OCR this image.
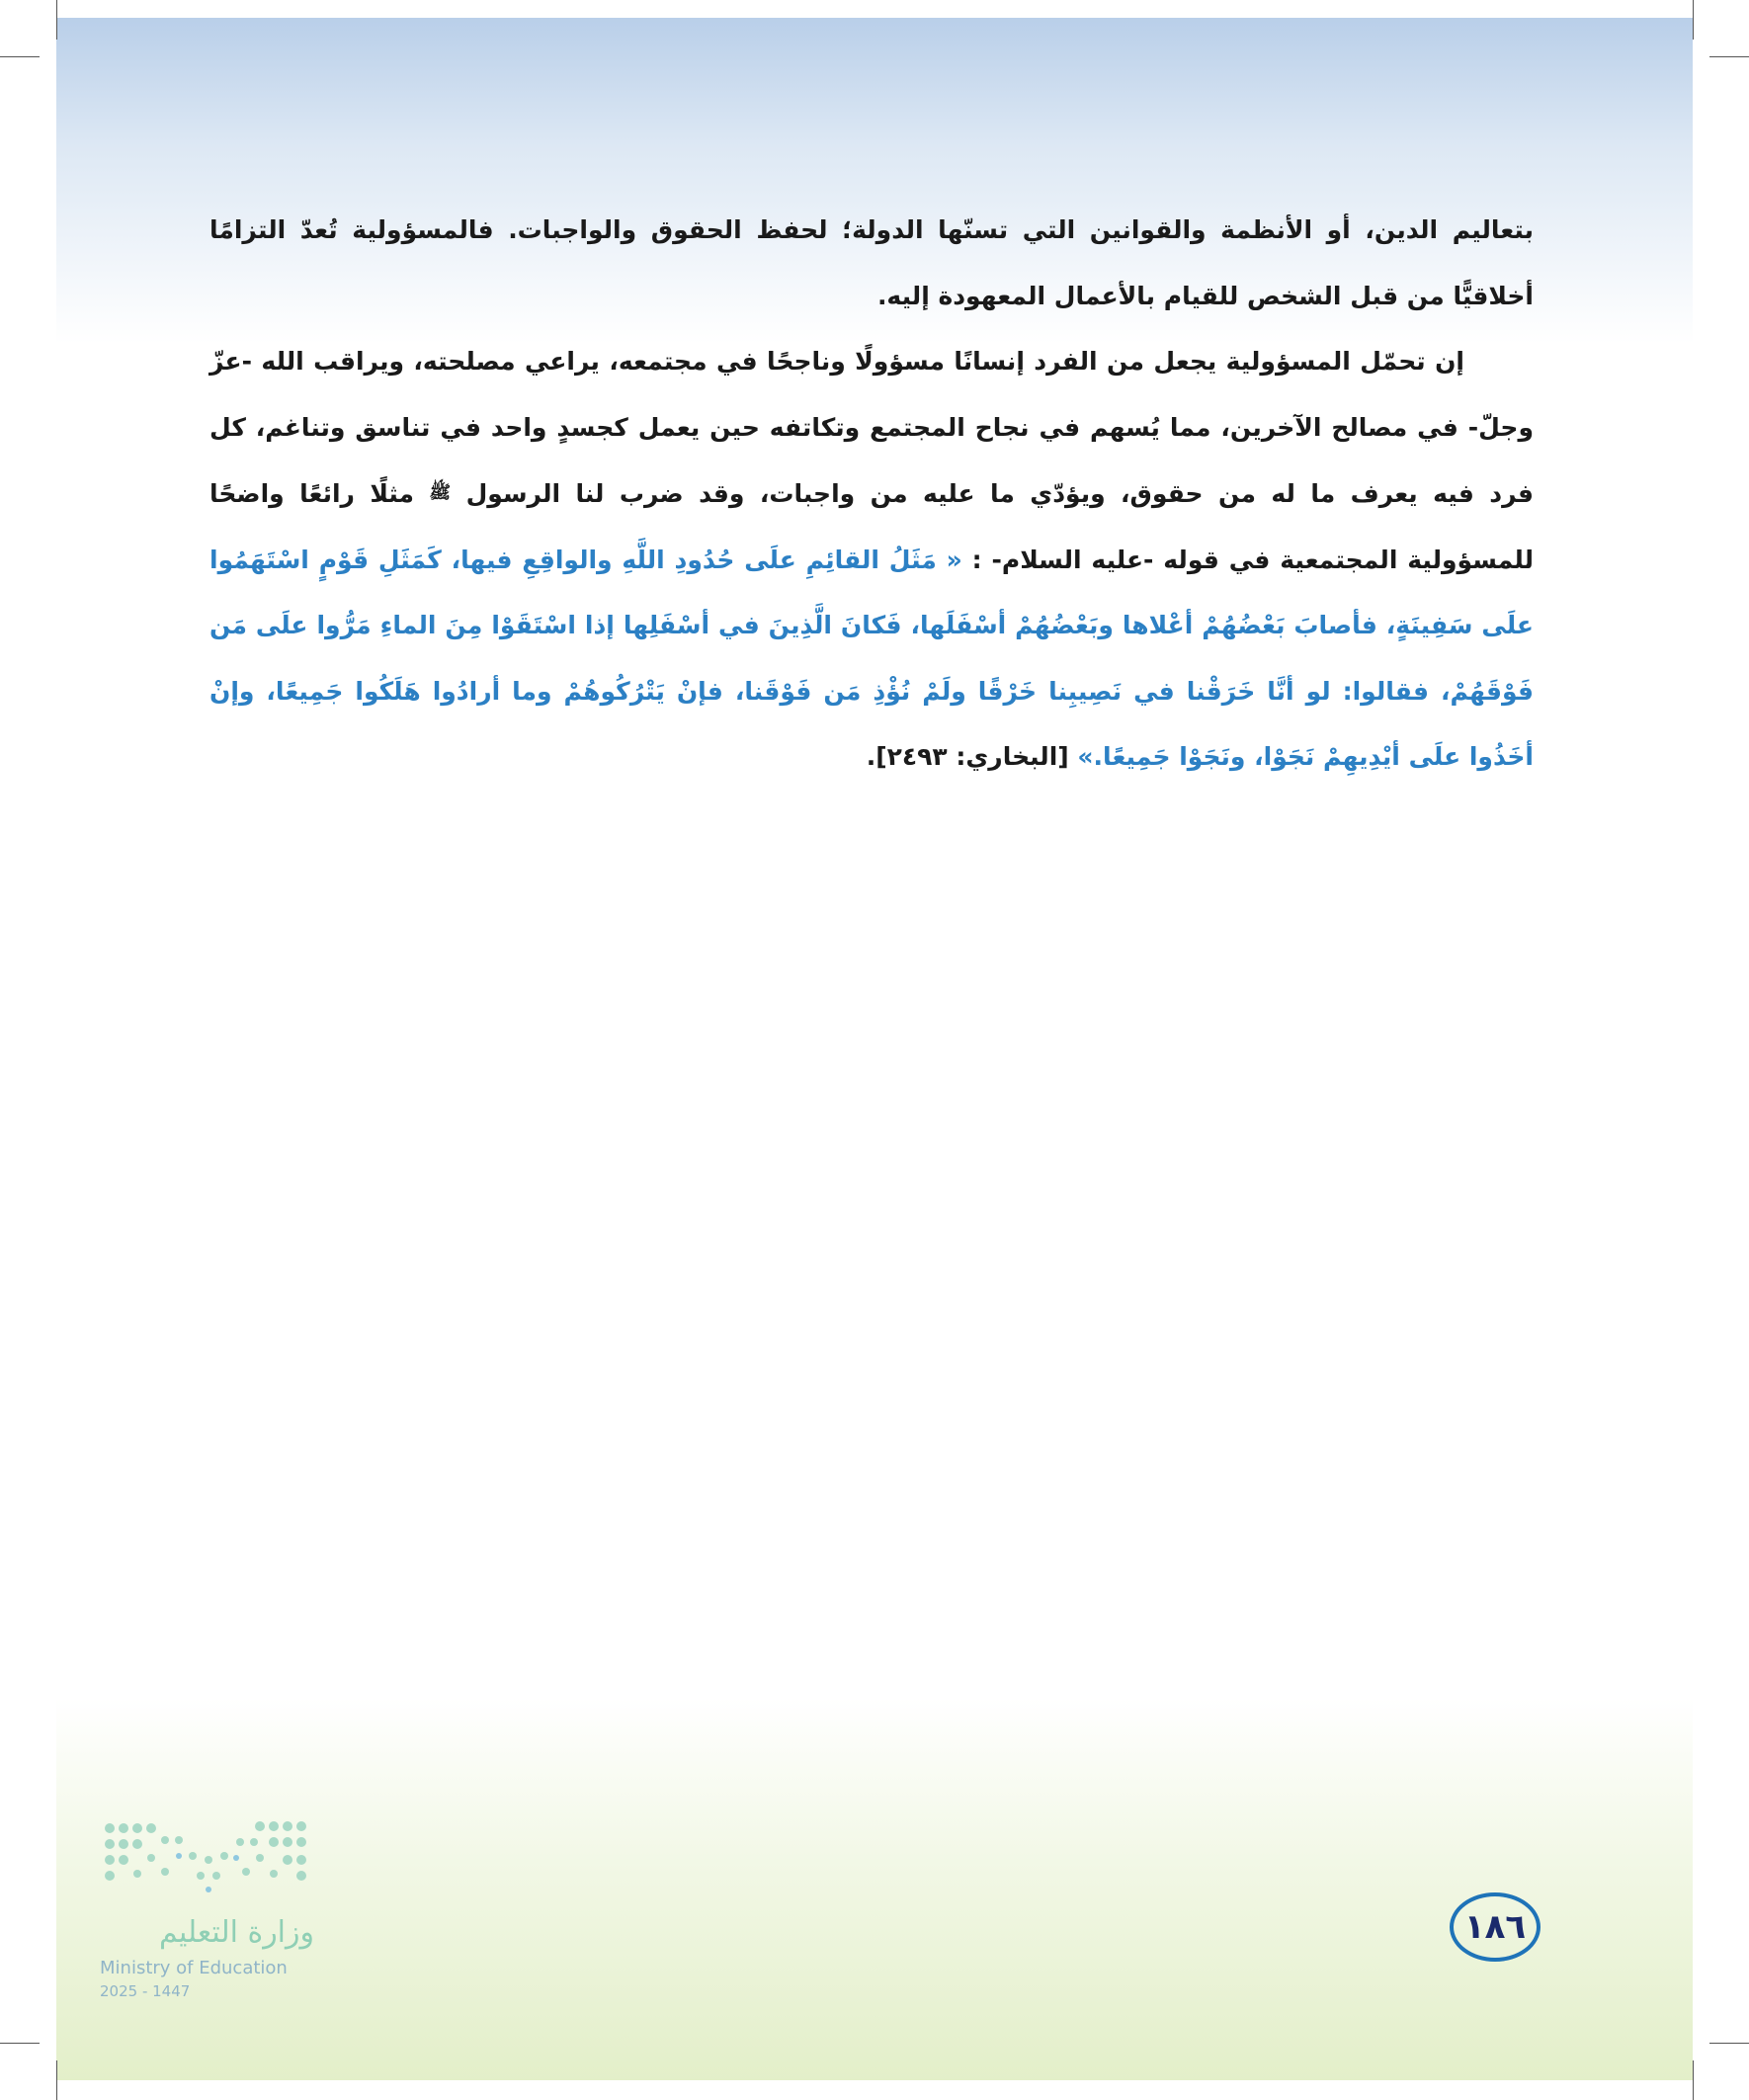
بتعاليم الدين، أو الأنظمة والقوانين التي تسنّها الدولة؛ لحفظ الحقوق والواجبات. فالمسؤولية تُعدّ التزامًا أخلاقيًّا من قبل الشخص للقيام بالأعمال المعهودة إليه.

إن تحمّل المسؤولية يجعل من الفرد إنسانًا مسؤولًا وناجحًا في مجتمعه، يراعي مصلحته، ويراقب الله -عزّ وجلّ- في مصالح الآخرين، مما يُسهم في نجاح المجتمع وتكاتفه حين يعمل كجسدٍ واحد في تناسق وتناغم، كل فرد فيه يعرف ما له من حقوق، ويؤدّي ما عليه من واجبات، وقد ضرب لنا الرسول ﷺ مثلًا رائعًا واضحًا للمسؤولية المجتمعية في قوله -عليه السلام- : « مَثَلُ القائِمِ علَى حُدُودِ اللَّهِ والواقِعِ فيها، كَمَثَلِ قَوْمٍ اسْتَهَمُوا علَى سَفِينَةٍ، فأصابَ بَعْضُهُمْ أعْلاها وبَعْضُهُمْ أسْفَلَها، فَكانَ الَّذِينَ في أسْفَلِها إذا اسْتَقَوْا مِنَ الماءِ مَرُّوا علَى مَن فَوْقَهُمْ، فقالوا: لو أنَّا خَرَقْنا في نَصِيبِنا خَرْقًا ولَمْ نُؤْذِ مَن فَوْقَنا، فإنْ يَتْرُكُوهُمْ وما أرادُوا هَلَكُوا جَمِيعًا، وإنْ أخَذُوا علَى أيْدِيهِمْ نَجَوْا، ونَجَوْا جَمِيعًا.» [البخاري: ٢٤٩٣].

١٨٦
وزارة التعليم
Ministry of Education
2025 - 1447
